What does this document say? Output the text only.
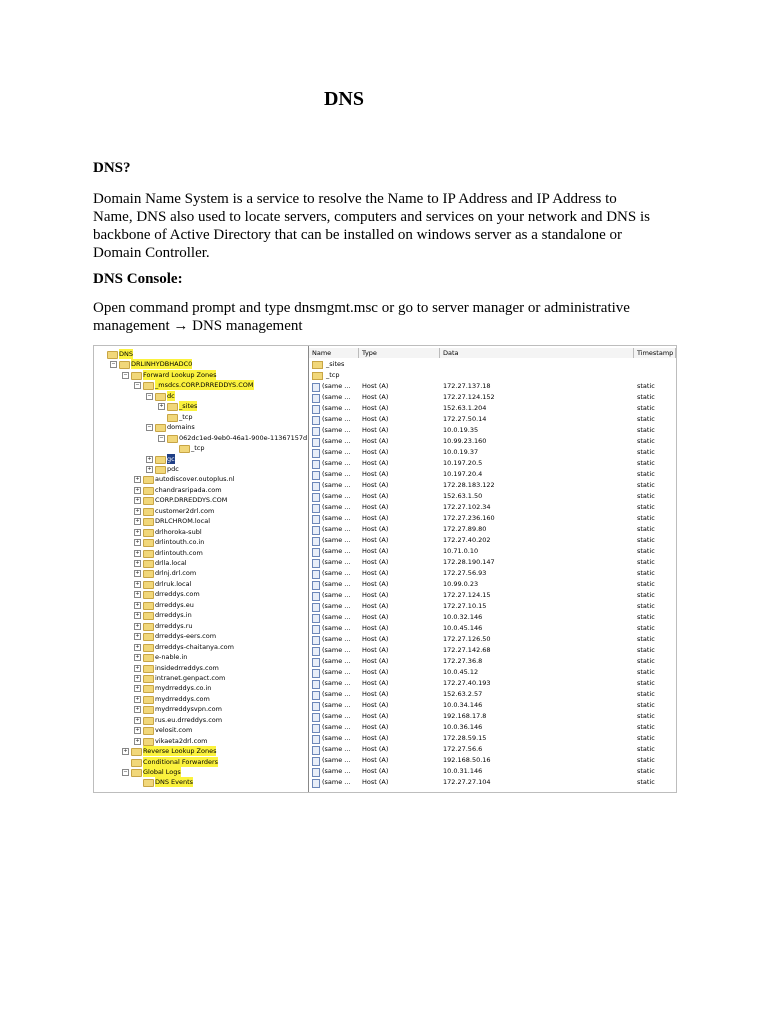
DNS
DNS?
Domain Name System is a service to resolve the Name to IP Address and IP Address to
Name, DNS also used to locate servers, computers and services on your network and DNS is
backbone of Active Directory that can be installed on windows server as a standalone or
Domain Controller.
DNS Console:
Open command prompt and type dnsmgmt.msc or go to server manager or administrative
management → DNS management
DNS
− DRLINHYDBHADC0
− Forward Lookup Zones
− _msdcs.CORP.DRREDDYS.COM
− dc
+ _sites
_tcp
− domains
− 062dc1ed-9eb0-46a1-900e-11367157d
_tcp
+ gc
+ pdc
+ autodiscover.outoplus.nl
+ chandrasripada.com
+ CORP.DRREDDYS.COM
+ customer2drl.com
+ DRLCHROM.local
+ drlhoroka-subl
+ drlintouth.co.in
+ drlintouth.com
+ drlla.local
+ drlnj.drl.com
+ drlruk.local
+ drreddys.com
+ drreddys.eu
+ drreddys.in
+ drreddys.ru
+ drreddys-eers.com
+ drreddys-chaitanya.com
+ e-nable.in
+ insidedrreddys.com
+ intranet.genpact.com
+ mydrreddys.co.in
+ mydrreddys.com
+ mydrreddysvpn.com
+ rus.eu.drreddys.com
+ velosit.com
+ vikaeta2drl.com
+ Reverse Lookup Zones
Conditional Forwarders
− Global Logs
DNS Events
Name	Type	Data	Timestamp
_sites
_tcp
(same ... Host (A)	172.27.137.18	static
(same ... Host (A)	172.27.124.152	static
(same ... Host (A)	152.63.1.204	static
(same ... Host (A)	172.27.50.14	static
(same ... Host (A)	10.0.19.35	static
(same ... Host (A)	10.99.23.160	static
(same ... Host (A)	10.0.19.37	static
(same ... Host (A)	10.197.20.5	static
(same ... Host (A)	10.197.20.4	static
(same ... Host (A)	172.28.183.122	static
(same ... Host (A)	152.63.1.50	static
(same ... Host (A)	172.27.102.34	static
(same ... Host (A)	172.27.236.160	static
(same ... Host (A)	172.27.89.80	static
(same ... Host (A)	172.27.40.202	static
(same ... Host (A)	10.71.0.10	static
(same ... Host (A)	172.28.190.147	static
(same ... Host (A)	172.27.56.93	static
(same ... Host (A)	10.99.0.23	static
(same ... Host (A)	172.27.124.15	static
(same ... Host (A)	172.27.10.15	static
(same ... Host (A)	10.0.32.146	static
(same ... Host (A)	10.0.45.146	static
(same ... Host (A)	172.27.126.50	static
(same ... Host (A)	172.27.142.68	static
(same ... Host (A)	172.27.36.8	static
(same ... Host (A)	10.0.45.12	static
(same ... Host (A)	172.27.40.193	static
(same ... Host (A)	152.63.2.57	static
(same ... Host (A)	10.0.34.146	static
(same ... Host (A)	192.168.17.8	static
(same ... Host (A)	10.0.36.146	static
(same ... Host (A)	172.28.59.15	static
(same ... Host (A)	172.27.56.6	static
(same ... Host (A)	192.168.50.16	static
(same ... Host (A)	10.0.31.146	static
(same ... Host (A)	172.27.27.104	static
